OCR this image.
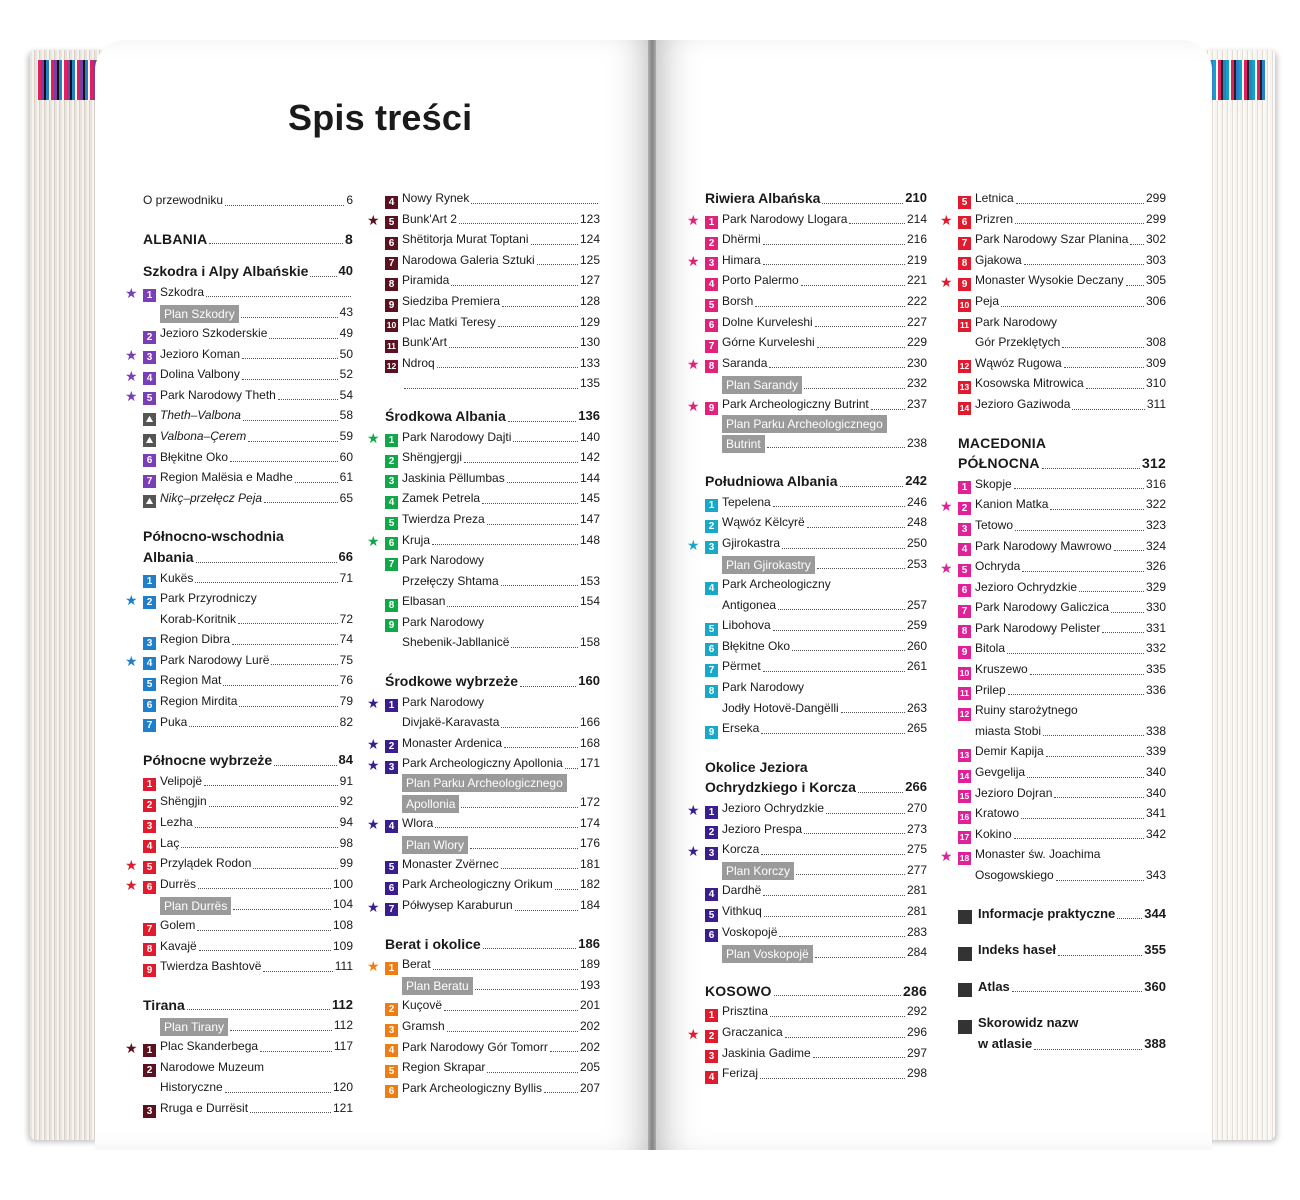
Spis treści
O przewodniku	6
ALBANIA	8
Szkodra i Alpy Albańskie 40
★ 1 Szkodra
Plan Szkodry	43
2 Jezioro Szkoderskie	49
★ 3 Jezioro Koman	50
★ 4 Dolina Valbony	52
★ 5 Park Narodowy Theth	54
⛰ Theth–Valbona	58
⛰ Valbona–Çerem	59
6 Błękitne Oko	60
7 Region Malësia e Madhe	61
⛰ Nikç–przełęcz Peja	65
Północno-wschodnia
Albania	66
1 Kukës	71
★ 2 Park Przyrodniczy
Korab-Koritnik	72
3 Region Dibra	74
★ 4 Park Narodowy Lurë	75
5 Region Mat	76
6 Region Mirdita	79
7 Puka	82
Północne wybrzeże	84
1 Velipojë	91
2 Shëngjin	92
3 Lezha	94
4 Laç	98
★ 5 Przylądek Rodon	99
★ 6 Durrës	100
Plan Durrës	104
7 Golem	108
8 Kavajë	109
9 Twierdza Bashtovë	111
Tirana	112
Plan Tirany	112
★ 1 Plac Skanderbega	117
2 Narodowe Muzeum
Historyczne	120
3 Rruga e Durrësit	121
4 Nowy Rynek
★ 5 Bunk'Art 2	123
6 Shëtitorja Murat Toptani	124
7 Narodowa Galeria Sztuki	125
8 Piramida	127
9 Siedziba Premiera	128
10 Plac Matki Teresy	129
11 Bunk'Art	130
12 Ndroq	133
135
Środkowa Albania	136
★ 1 Park Narodowy Dajti	140
2 Shëngjergji	142
3 Jaskinia Pëllumbas	144
4 Zamek Petrela	145
5 Twierdza Preza	147
★ 6 Kruja	148
7 Park Narodowy
Przełęczy Shtama	153
8 Elbasan	154
9 Park Narodowy
Shebenik-Jabllanicë	158
Środkowe wybrzeże	160
★ 1 Park Narodowy
Divjakë-Karavasta	166
★ 2 Monaster Ardenica	168
★ 3 Park Archeologiczny Apollonia 171
Plan Parku Archeologicznego
Apollonia	172
★ 4 Wlora	174
Plan Wlory	176
5 Monaster Zvërnec	181
6 Park Archeologiczny Orikum 182
★ 7 Półwysep Karaburun	184
Berat i okolice	186
★ 1 Berat	189
Plan Beratu	193
2 Kuçovë	201
3 Gramsh	202
4 Park Narodowy Gór Tomorr	202
5 Region Skrapar	205
6 Park Archeologiczny Byllis	207
Riwiera Albańska	210
★ 1 Park Narodowy Llogara	214
2 Dhërmi	216
★ 3 Himara	219
4 Porto Palermo	221
5 Borsh	222
6 Dolne Kurveleshi	227
7 Górne Kurveleshi	229
★ 8 Saranda	230
Plan Sarandy	232
★ 9 Park Archeologiczny Butrint	237
Plan Parku Archeologicznego
Butrint	238
Południowa Albania	242
1 Tepelena	246
2 Wąwóz Këlcyrë	248
★ 3 Gjirokastra	250
Plan Gjirokastry	253
4 Park Archeologiczny
Antigonea	257
5 Libohova	259
6 Błękitne Oko	260
7 Përmet	261
8 Park Narodowy
Jodły Hotovë-Dangëlli	263
9 Erseka	265
Okolice Jeziora
Ochrydzkiego i Korcza	266
★ 1 Jezioro Ochrydzkie	270
2 Jezioro Prespa	273
★ 3 Korcza	275
Plan Korczy	277
4 Dardhë	281
5 Vithkuq	281
6 Voskopojë	283
Plan Voskopojë	284
KOSOWO	286
1 Prisztina	292
★ 2 Graczanica	296
3 Jaskinia Gadime	297
4 Ferizaj	298
5 Letnica	299
★ 6 Prizren	299
7 Park Narodowy Szar Planina 302
8 Gjakowa	303
★ 9 Monaster Wysokie Deczany 305
10 Peja	306
11 Park Narodowy
Gór Przeklętych	308
12 Wąwóz Rugowa	309
13 Kosowska Mitrowica	310
14 Jezioro Gaziwoda	311
MACEDONIA
PÓŁNOCNA	312
1 Skopje	316
★ 2 Kanion Matka	322
3 Tetowo	323
4 Park Narodowy Mawrowo	324
★ 5 Ochryda	326
6 Jezioro Ochrydzkie	329
7 Park Narodowy Galiczica	330
8 Park Narodowy Pelister	331
9 Bitola	332
10 Kruszewo	335
11 Prilep	336
12 Ruiny starożytnego
miasta Stobi	338
13 Demir Kapija	339
14 Gevgelija	340
15 Jezioro Dojran	340
16 Kratowo	341
17 Kokino	342
★ 18 Monaster św. Joachima
Osogowskiego	343
Informacje praktyczne 344
Indeks haseł	355
Atlas	360
Skorowidz nazw
w atlasie	388
